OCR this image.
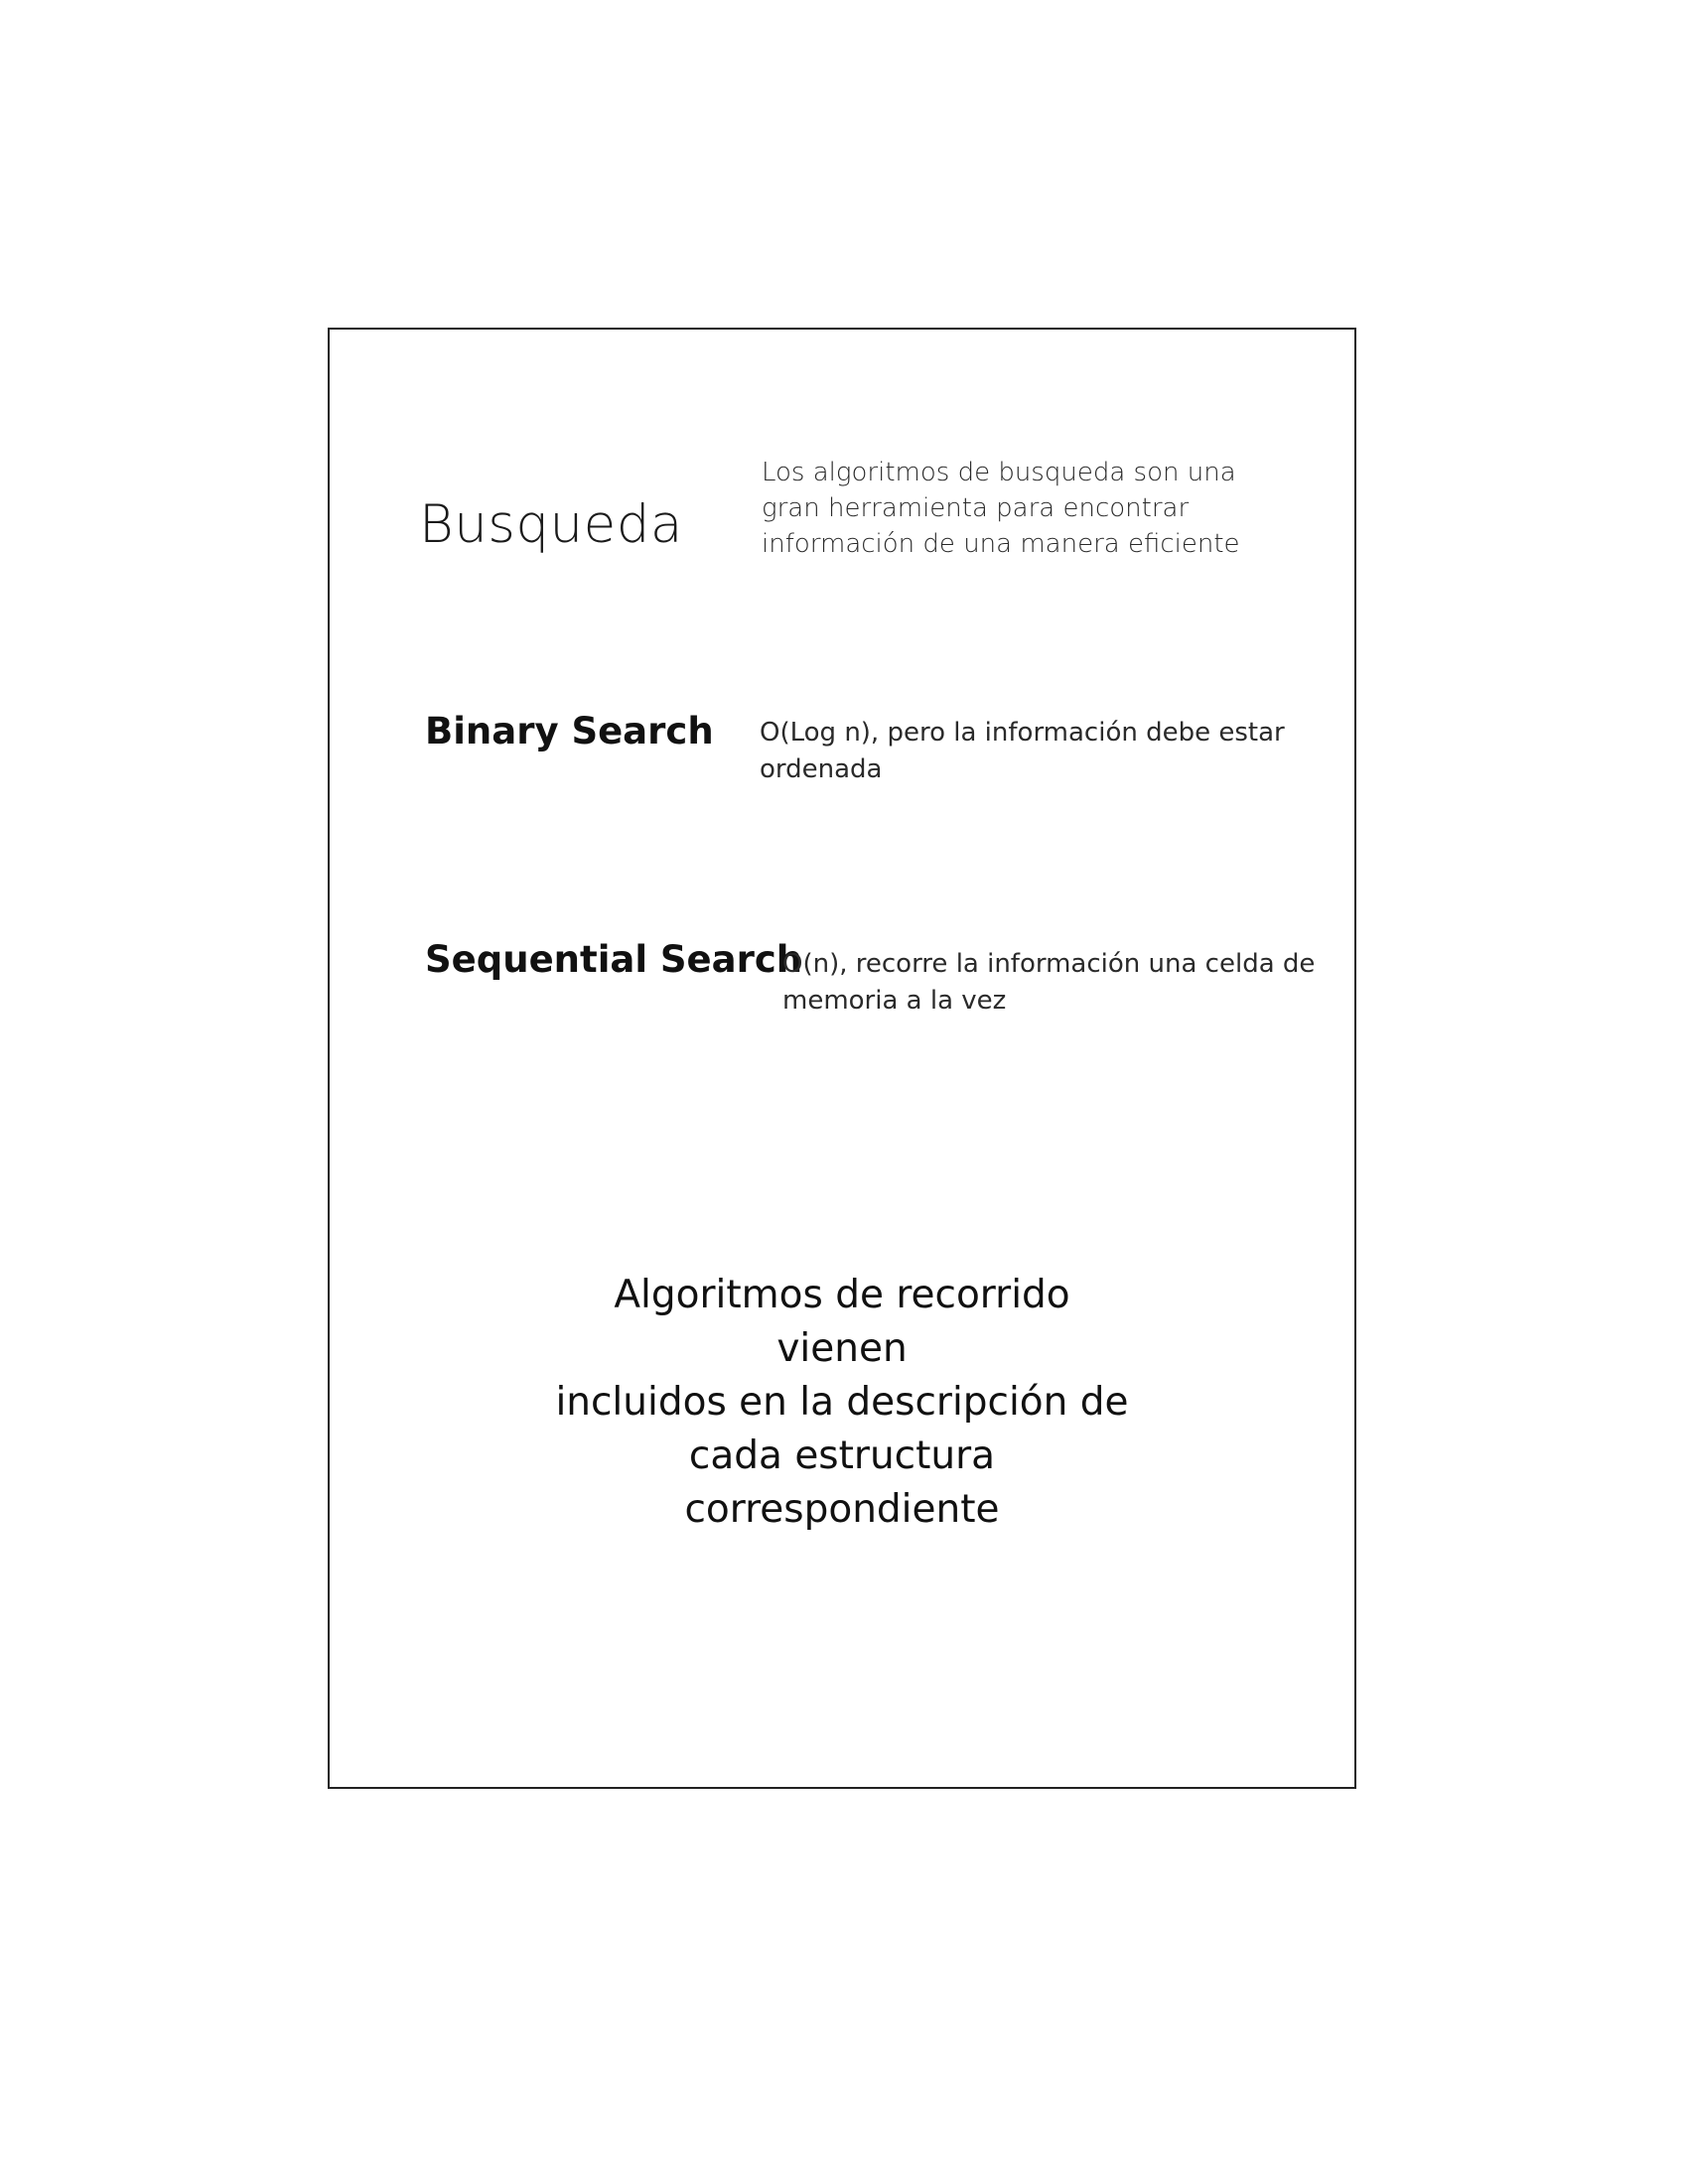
Busqueda

Los algoritmos de busqueda son una gran herramienta para encontrar información de una manera eficiente

Binary Search O(Log n), pero la información debe estar ordenada

Sequential Search

O(n), recorre la información una celda de memoria a la vez

Algoritmos de recorrido vienen
incluidos en la descripción de
cada estructura
correspondiente
